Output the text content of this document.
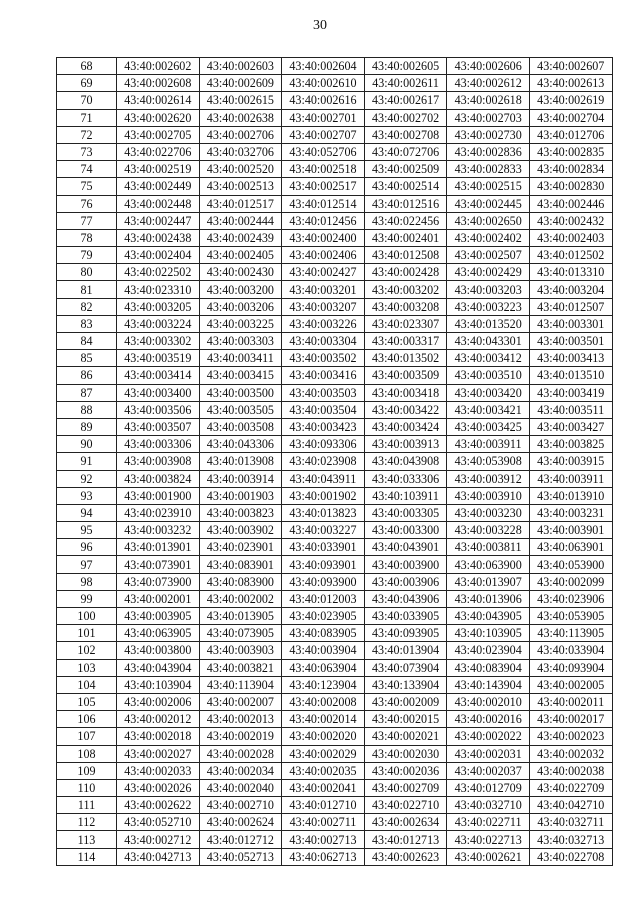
30
68	43:40:002602	43:40:002603	43:40:002604	43:40:002605	43:40:002606	43:40:002607
69	43:40:002608	43:40:002609	43:40:002610	43:40:002611	43:40:002612	43:40:002613
70	43:40:002614	43:40:002615	43:40:002616	43:40:002617	43:40:002618	43:40:002619
71	43:40:002620	43:40:002638	43:40:002701	43:40:002702	43:40:002703	43:40:002704
72	43:40:002705	43:40:002706	43:40:002707	43:40:002708	43:40:002730	43:40:012706
73	43:40:022706	43:40:032706	43:40:052706	43:40:072706	43:40:002836	43:40:002835
74	43:40:002519	43:40:002520	43:40:002518	43:40:002509	43:40:002833	43:40:002834
75	43:40:002449	43:40:002513	43:40:002517	43:40:002514	43:40:002515	43:40:002830
76	43:40:002448	43:40:012517	43:40:012514	43:40:012516	43:40:002445	43:40:002446
77	43:40:002447	43:40:002444	43:40:012456	43:40:022456	43:40:002650	43:40:002432
78	43:40:002438	43:40:002439	43:40:002400	43:40:002401	43:40:002402	43:40:002403
79	43:40:002404	43:40:002405	43:40:002406	43:40:012508	43:40:002507	43:40:012502
80	43:40:022502	43:40:002430	43:40:002427	43:40:002428	43:40:002429	43:40:013310
81	43:40:023310	43:40:003200	43:40:003201	43:40:003202	43:40:003203	43:40:003204
82	43:40:003205	43:40:003206	43:40:003207	43:40:003208	43:40:003223	43:40:012507
83	43:40:003224	43:40:003225	43:40:003226	43:40:023307	43:40:013520	43:40:003301
84	43:40:003302	43:40:003303	43:40:003304	43:40:003317	43:40:043301	43:40:003501
85	43:40:003519	43:40:003411	43:40:003502	43:40:013502	43:40:003412	43:40:003413
86	43:40:003414	43:40:003415	43:40:003416	43:40:003509	43:40:003510	43:40:013510
87	43:40:003400	43:40:003500	43:40:003503	43:40:003418	43:40:003420	43:40:003419
88	43:40:003506	43:40:003505	43:40:003504	43:40:003422	43:40:003421	43:40:003511
89	43:40:003507	43:40:003508	43:40:003423	43:40:003424	43:40:003425	43:40:003427
90	43:40:003306	43:40:043306	43:40:093306	43:40:003913	43:40:003911	43:40:003825
91	43:40:003908	43:40:013908	43:40:023908	43:40:043908	43:40:053908	43:40:003915
92	43:40:003824	43:40:003914	43:40:043911	43:40:033306	43:40:003912	43:40:003911
93	43:40:001900	43:40:001903	43:40:001902	43:40:103911	43:40:003910	43:40:013910
94	43:40:023910	43:40:003823	43:40:013823	43:40:003305	43:40:003230	43:40:003231
95	43:40:003232	43:40:003902	43:40:003227	43:40:003300	43:40:003228	43:40:003901
96	43:40:013901	43:40:023901	43:40:033901	43:40:043901	43:40:003811	43:40:063901
97	43:40:073901	43:40:083901	43:40:093901	43:40:003900	43:40:063900	43:40:053900
98	43:40:073900	43:40:083900	43:40:093900	43:40:003906	43:40:013907	43:40:002099
99	43:40:002001	43:40:002002	43:40:012003	43:40:043906	43:40:013906	43:40:023906
100	43:40:003905	43:40:013905	43:40:023905	43:40:033905	43:40:043905	43:40:053905
101	43:40:063905	43:40:073905	43:40:083905	43:40:093905	43:40:103905	43:40:113905
102	43:40:003800	43:40:003903	43:40:003904	43:40:013904	43:40:023904	43:40:033904
103	43:40:043904	43:40:003821	43:40:063904	43:40:073904	43:40:083904	43:40:093904
104	43:40:103904	43:40:113904	43:40:123904	43:40:133904	43:40:143904	43:40:002005
105	43:40:002006	43:40:002007	43:40:002008	43:40:002009	43:40:002010	43:40:002011
106	43:40:002012	43:40:002013	43:40:002014	43:40:002015	43:40:002016	43:40:002017
107	43:40:002018	43:40:002019	43:40:002020	43:40:002021	43:40:002022	43:40:002023
108	43:40:002027	43:40:002028	43:40:002029	43:40:002030	43:40:002031	43:40:002032
109	43:40:002033	43:40:002034	43:40:002035	43:40:002036	43:40:002037	43:40:002038
110	43:40:002026	43:40:002040	43:40:002041	43:40:002709	43:40:012709	43:40:022709
111	43:40:002622	43:40:002710	43:40:012710	43:40:022710	43:40:032710	43:40:042710
112	43:40:052710	43:40:002624	43:40:002711	43:40:002634	43:40:022711	43:40:032711
113	43:40:002712	43:40:012712	43:40:002713	43:40:012713	43:40:022713	43:40:032713
114	43:40:042713	43:40:052713	43:40:062713	43:40:002623	43:40:002621	43:40:022708
